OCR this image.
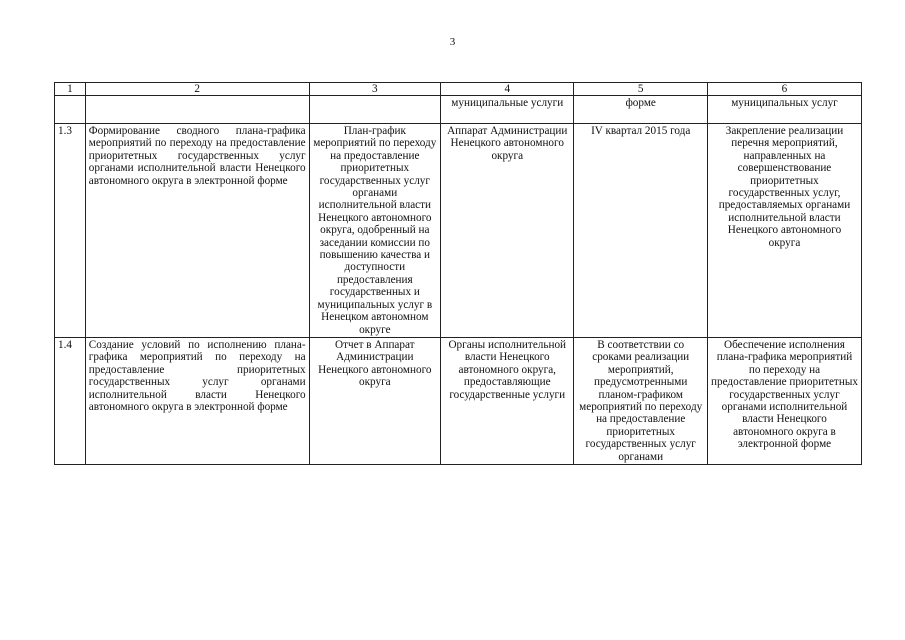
3
1	2	3	4	5	6
			муниципальные услуги	форме	муниципальных услуг
1.3	Формирование сводного плана-графика мероприятий по переходу на предоставление приоритетных государственных услуг органами исполнительной власти Ненецкого автономного округа в электронной форме	План-график мероприятий по переходу на предоставление приоритетных государственных услуг органами исполнительной власти Ненецкого автономного округа, одобренный на заседании комиссии по повышению качества и доступности предоставления государственных и муниципальных услуг в Ненецком автономном округе	Аппарат Администрации Ненецкого автономного округа	IV квартал 2015 года	Закрепление реализации перечня мероприятий, направленных на совершенствование приоритетных государственных услуг, предоставляемых органами исполнительной власти Ненецкого автономного округа
1.4	Создание условий по исполнению плана-графика мероприятий по переходу на предоставление приоритетных государственных услуг органами исполнительной власти Ненецкого автономного округа в электронной форме	Отчет в Аппарат Администрации Ненецкого автономного округа	Органы исполнительной власти Ненецкого автономного округа, предоставляющие государственные услуги	В соответствии со сроками реализации мероприятий, предусмотренными планом-графиком мероприятий по переходу на предоставление приоритетных государственных услуг органами	Обеспечение исполнения плана-графика мероприятий по переходу на предоставление приоритетных государственных услуг органами исполнительной власти Ненецкого автономного округа в электронной форме
